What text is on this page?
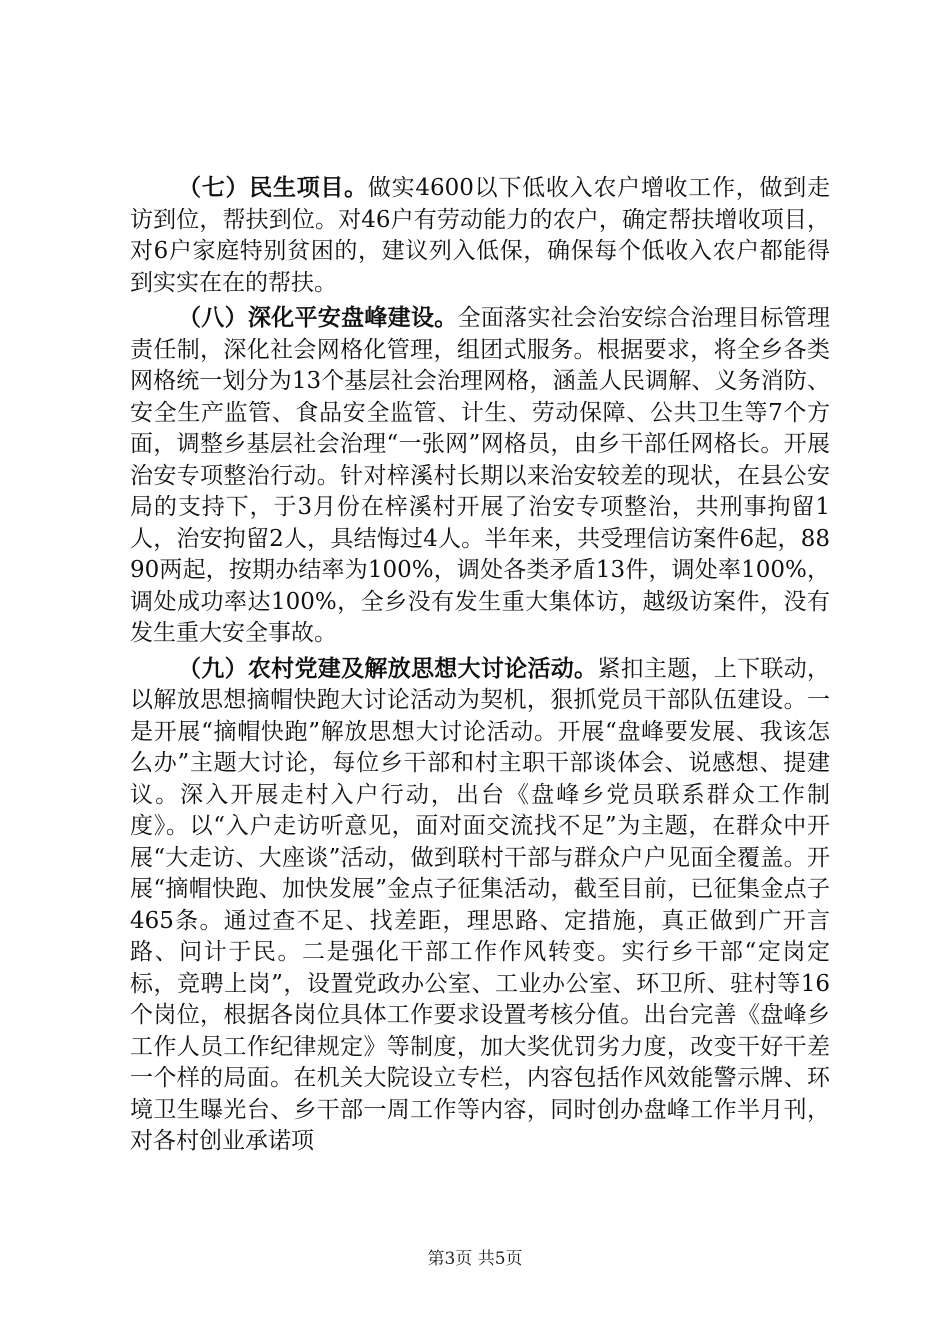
（七）民生项目。做实4600以下低收入农户增收工作，做到走访到位，帮扶到位。对46户有劳动能力的农户，确定帮扶增收项目，对6户家庭特别贫困的，建议列入低保，确保每个低收入农户都能得到实实在在的帮扶。

（八）深化平安盘峰建设。全面落实社会治安综合治理目标管理责任制，深化社会网格化管理，组团式服务。根据要求，将全乡各类网格统一划分为13个基层社会治理网格，涵盖人民调解、义务消防、安全生产监管、食品安全监管、计生、劳动保障、公共卫生等7个方面，调整乡基层社会治理“一张网”网格员，由乡干部任网格长。开展治安专项整治行动。针对梓溪村长期以来治安较差的现状，在县公安局的支持下，于3月份在梓溪村开展了治安专项整治，共刑事拘留1人，治安拘留2人，具结悔过4人。半年来，共受理信访案件6起，8890两起，按期办结率为100%，调处各类矛盾13件，调处率100%，调处成功率达100%，全乡没有发生重大集体访，越级访案件，没有发生重大安全事故。

（九）农村党建及解放思想大讨论活动。紧扣主题，上下联动，以解放思想摘帽快跑大讨论活动为契机，狠抓党员干部队伍建设。一是开展“摘帽快跑”解放思想大讨论活动。开展“盘峰要发展、我该怎么办”主题大讨论，每位乡干部和村主职干部谈体会、说感想、提建议。深入开展走村入户行动，出台《盘峰乡党员联系群众工作制度》。以“入户走访听意见，面对面交流找不足”为主题，在群众中开展“大走访、大座谈”活动，做到联村干部与群众户户见面全覆盖。开展“摘帽快跑、加快发展”金点子征集活动，截至目前，已征集金点子465条。通过查不足、找差距，理思路、定措施，真正做到广开言路、问计于民。二是强化干部工作作风转变。实行乡干部“定岗定标，竞聘上岗”，设置党政办公室、工业办公室、环卫所、驻村等16个岗位，根据各岗位具体工作要求设置考核分值。出台完善《盘峰乡工作人员工作纪律规定》等制度，加大奖优罚劣力度，改变干好干差一个样的局面。在机关大院设立专栏，内容包括作风效能警示牌、环境卫生曝光台、乡干部一周工作等内容，同时创办盘峰工作半月刊，对各村创业承诺项

第3页 共5页
